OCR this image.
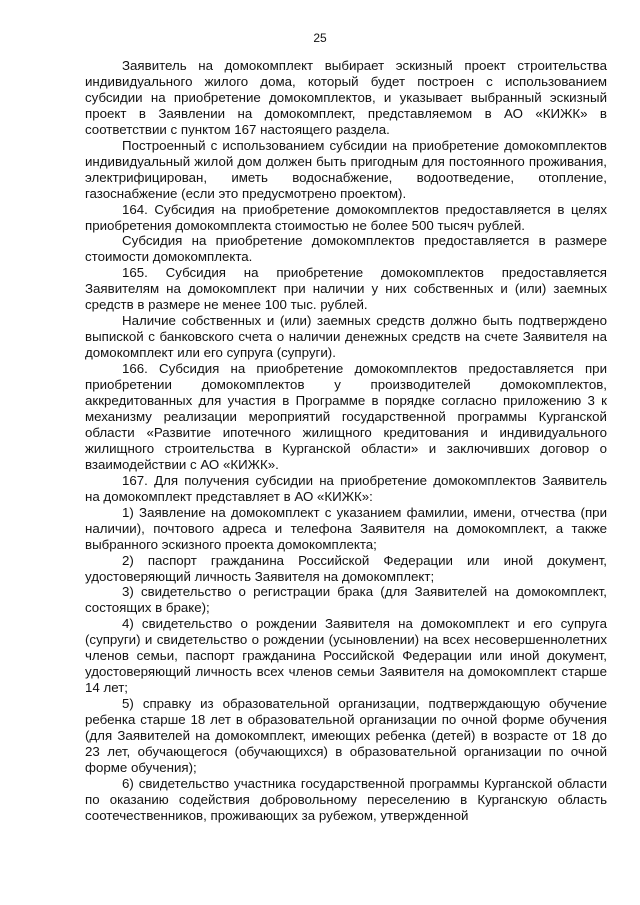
25

Заявитель на домокомплект выбирает эскизный проект строительства индивидуального жилого дома, который будет построен с использованием субсидии на приобретение домокомплектов, и указывает выбранный эскизный проект в Заявлении на домокомплект, представляемом в АО «КИЖК» в соответствии с пунктом 167 настоящего раздела.

Построенный с использованием субсидии на приобретение домокомплектов индивидуальный жилой дом должен быть пригодным для постоянного проживания, электрифицирован, иметь водоснабжение, водоотведение, отопление, газоснабжение (если это предусмотрено проектом).

164. Субсидия на приобретение домокомплектов предоставляется в целях приобретения домокомплекта стоимостью не более 500 тысяч рублей.

Субсидия на приобретение домокомплектов предоставляется в размере стоимости домокомплекта.

165. Субсидия на приобретение домокомплектов предоставляется Заявителям на домокомплект при наличии у них собственных и (или) заемных средств в размере не менее 100 тыс. рублей.

Наличие собственных и (или) заемных средств должно быть подтверждено выпиской с банковского счета о наличии денежных средств на счете Заявителя на домокомплект или его супруга (супруги).

166. Субсидия на приобретение домокомплектов предоставляется при приобретении домокомплектов у производителей домокомплектов, аккредитованных для участия в Программе в порядке согласно приложению 3 к механизму реализации мероприятий государственной программы Курганской области «Развитие ипотечного жилищного кредитования и индивидуального жилищного строительства в Курганской области» и заключивших договор о взаимодействии с АО «КИЖК».

167. Для получения субсидии на приобретение домокомплектов Заявитель на домокомплект представляет в АО «КИЖК»:

1) Заявление на домокомплект с указанием фамилии, имени, отчества (при наличии), почтового адреса и телефона Заявителя на домокомплект, а также выбранного эскизного проекта домокомплекта;

2) паспорт гражданина Российской Федерации или иной документ, удостоверяющий личность Заявителя на домокомплект;

3) свидетельство о регистрации брака (для Заявителей на домокомплект, состоящих в браке);

4) свидетельство о рождении Заявителя на домокомплект и его супруга (супруги) и свидетельство о рождении (усыновлении) на всех несовершеннолетних членов семьи, паспорт гражданина Российской Федерации или иной документ, удостоверяющий личность всех членов семьи Заявителя на домокомплект старше 14 лет;

5) справку из образовательной организации, подтверждающую обучение ребенка старше 18 лет в образовательной организации по очной форме обучения (для Заявителей на домокомплект, имеющих ребенка (детей) в возрасте от 18 до 23 лет, обучающегося (обучающихся) в образовательной организации по очной форме обучения);

6) свидетельство участника государственной программы Курганской области по оказанию содействия добровольному переселению в Курганскую область соотечественников, проживающих за рубежом, утвержденной
